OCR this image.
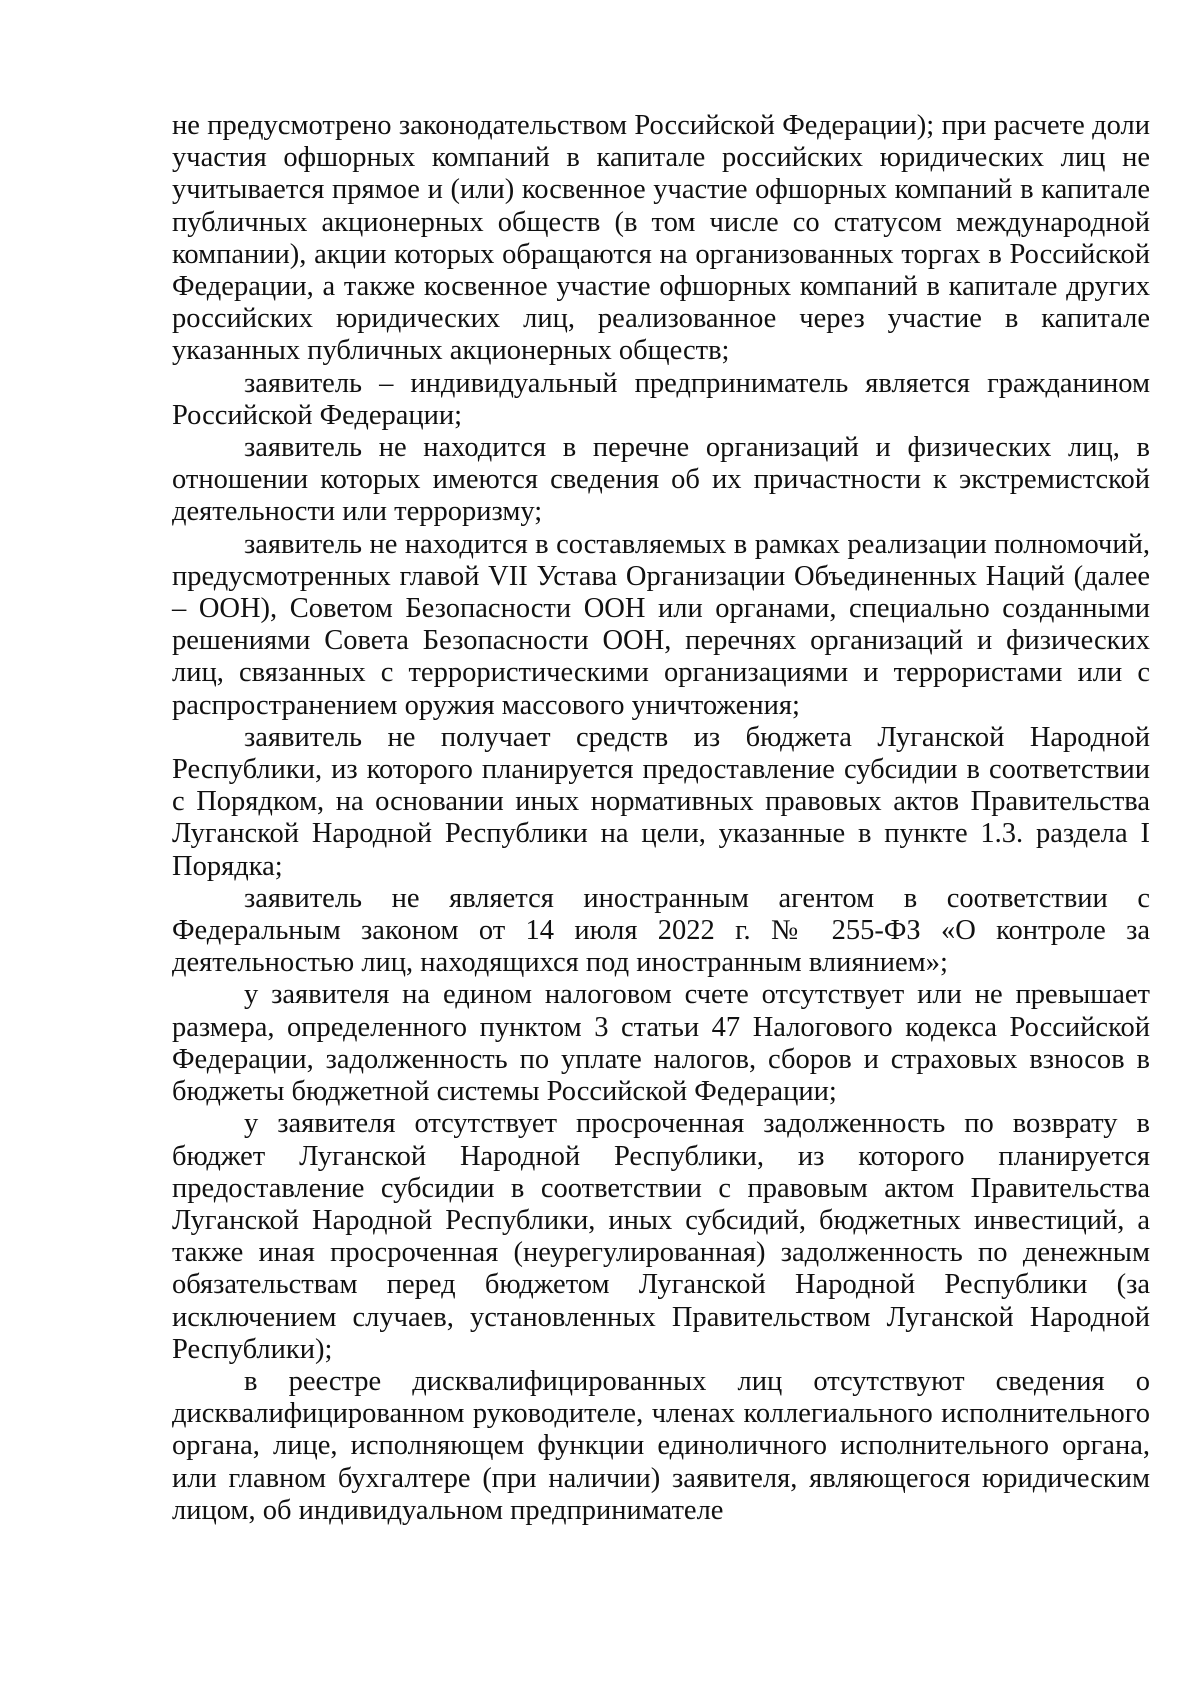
не предусмотрено законодательством Российской Федерации); при расчете доли участия офшорных компаний в капитале российских юридических лиц не учитывается прямое и (или) косвенное участие офшорных компаний в капитале публичных акционерных обществ (в том числе со статусом международной компании), акции которых обращаются на организованных торгах в Российской Федерации, а также косвенное участие офшорных компаний в капитале других российских юридических лиц, реализованное через участие в капитале указанных публичных акционерных обществ;

заявитель – индивидуальный предприниматель является гражданином Российской Федерации;

заявитель не находится в перечне организаций и физических лиц, в отношении которых имеются сведения об их причастности к экстремистской деятельности или терроризму;

заявитель не находится в составляемых в рамках реализации полномочий, предусмотренных главой VII Устава Организации Объединенных Наций (далее – ООН), Советом Безопасности ООН или органами, специально созданными решениями Совета Безопасности ООН, перечнях организаций и физических лиц, связанных с террористическими организациями и террористами или с распространением оружия массового уничтожения;

заявитель не получает средств из бюджета Луганской Народной Республики, из которого планируется предоставление субсидии в соответствии с Порядком, на основании иных нормативных правовых актов Правительства Луганской Народной Республики на цели, указанные в пункте 1.3. раздела I Порядка;

заявитель не является иностранным агентом в соответствии с Федеральным законом от 14 июля 2022 г. № 255-ФЗ «О контроле за деятельностью лиц, находящихся под иностранным влиянием»;

у заявителя на едином налоговом счете отсутствует или не превышает размера, определенного пунктом 3 статьи 47 Налогового кодекса Российской Федерации, задолженность по уплате налогов, сборов и страховых взносов в бюджеты бюджетной системы Российской Федерации;

у заявителя отсутствует просроченная задолженность по возврату в бюджет Луганской Народной Республики, из которого планируется предоставление субсидии в соответствии с правовым актом Правительства Луганской Народной Республики, иных субсидий, бюджетных инвестиций, а также иная просроченная (неурегулированная) задолженность по денежным обязательствам перед бюджетом Луганской Народной Республики (за исключением случаев, установленных Правительством Луганской Народной Республики);

в реестре дисквалифицированных лиц отсутствуют сведения о дисквалифицированном руководителе, членах коллегиального исполнительного органа, лице, исполняющем функции единоличного исполнительного органа, или главном бухгалтере (при наличии) заявителя, являющегося юридическим лицом, об индивидуальном предпринимателе
